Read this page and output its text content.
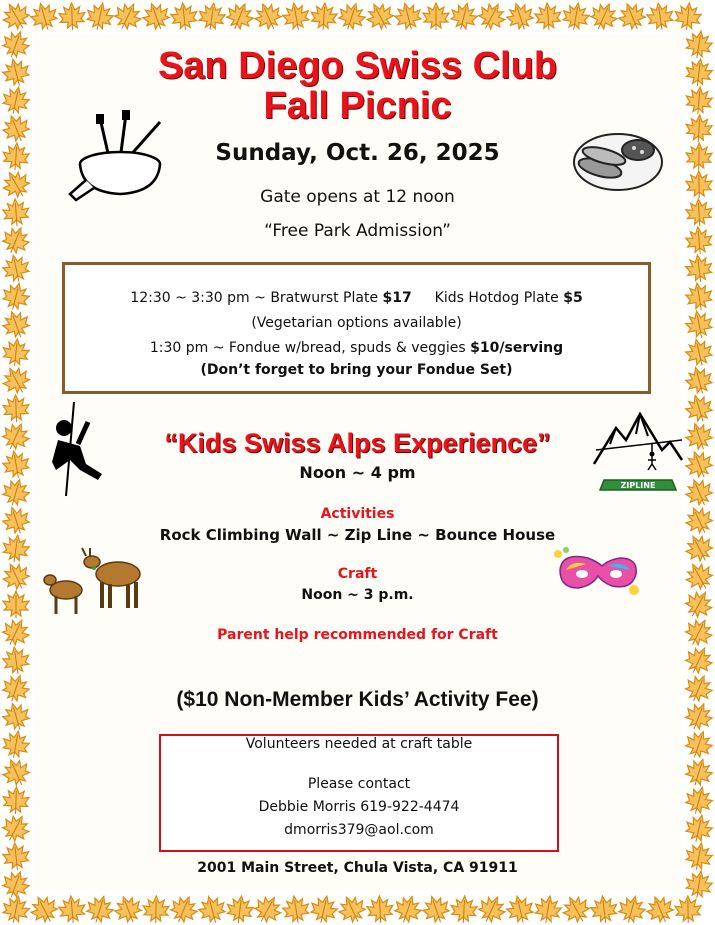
San Diego Swiss Club
Fall Picnic
Sunday, Oct. 26, 2025
Gate opens at 12 noon
“Free Park Admission”
12:30 ~ 3:30 pm ~ Bratwurst Plate $17 Kids Hotdog Plate $5
(Vegetarian options available)
1:30 pm ~ Fondue w/bread, spuds & veggies $10/serving
(Don’t forget to bring your Fondue Set)
“Kids Swiss Alps Experience”
Noon ~ 4 pm
ZIPLINE
Activities
Rock Climbing Wall ~ Zip Line ~ Bounce House
Craft
Noon ~ 3 p.m.
Parent help recommended for Craft
($10 Non-Member Kids’ Activity Fee)
Volunteers needed at craft table
Please contact
Debbie Morris 619-922-4474
dmorris379@aol.com
2001 Main Street, Chula Vista, CA 91911
